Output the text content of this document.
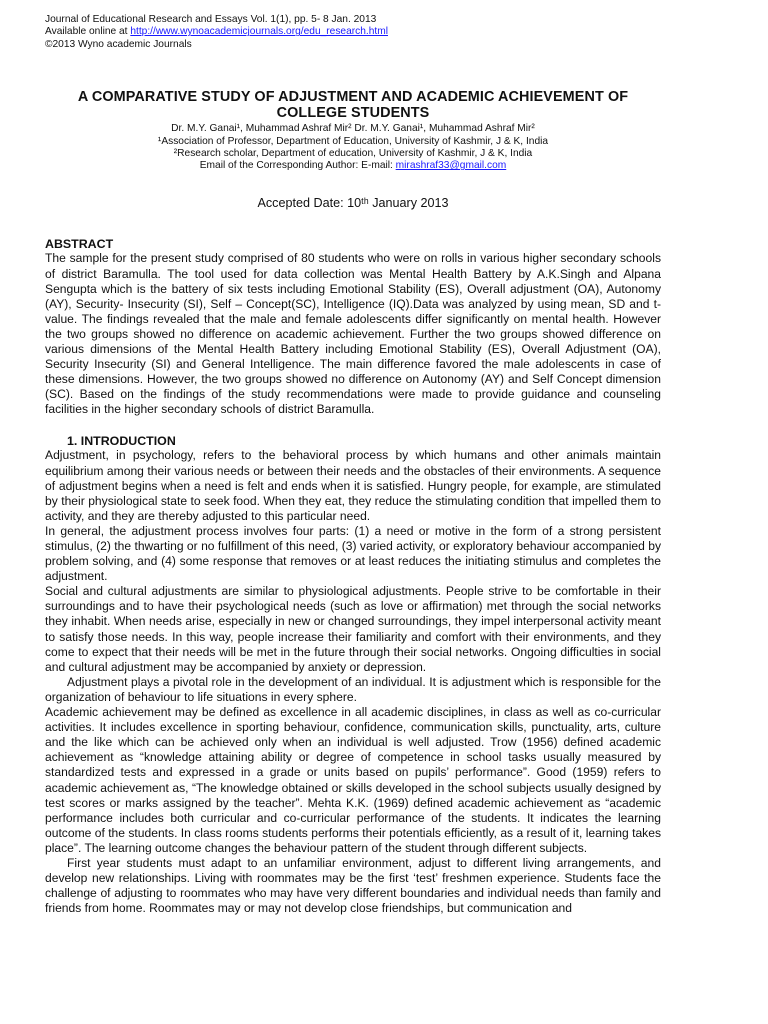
Journal of Educational Research and Essays Vol. 1(1), pp. 5- 8 Jan. 2013
Available online at http://www.wynoacademicjournals.org/edu_research.html
©2013 Wyno academic Journals
A COMPARATIVE STUDY OF ADJUSTMENT AND ACADEMIC ACHIEVEMENT OF COLLEGE STUDENTS
Dr. M.Y. Ganai¹, Muhammad Ashraf Mir² Dr. M.Y. Ganai¹, Muhammad Ashraf Mir²
¹Association of Professor, Department of Education, University of Kashmir, J & K, India
²Research scholar, Department of education, University of Kashmir, J & K, India
Email of the Corresponding Author: E-mail: mirashraf33@gmail.com
Accepted Date: 10ᵗʰ January 2013
ABSTRACT

The sample for the present study comprised of 80 students who were on rolls in various higher secondary schools of district Baramulla. The tool used for data collection was Mental Health Battery by A.K.Singh and Alpana Sengupta which is the battery of six tests including Emotional Stability (ES), Overall adjustment (OA), Autonomy (AY), Security- Insecurity (SI), Self – Concept(SC), Intelligence (IQ).Data was analyzed by using mean, SD and t-value. The findings revealed that the male and female adolescents differ significantly on mental health. However the two groups showed no difference on academic achievement. Further the two groups showed difference on various dimensions of the Mental Health Battery including Emotional Stability (ES), Overall Adjustment (OA), Security Insecurity (SI) and General Intelligence. The main difference favored the male adolescents in case of these dimensions. However, the two groups showed no difference on Autonomy (AY) and Self Concept dimension (SC). Based on the findings of the study recommendations were made to provide guidance and counseling facilities in the higher secondary schools of district Baramulla.

1. INTRODUCTION

Adjustment, in psychology, refers to the behavioral process by which humans and other animals maintain equilibrium among their various needs or between their needs and the obstacles of their environments. A sequence of adjustment begins when a need is felt and ends when it is satisfied. Hungry people, for example, are stimulated by their physiological state to seek food. When they eat, they reduce the stimulating condition that impelled them to activity, and they are thereby adjusted to this particular need.

In general, the adjustment process involves four parts: (1) a need or motive in the form of a strong persistent stimulus, (2) the thwarting or no fulfillment of this need, (3) varied activity, or exploratory behaviour accompanied by problem solving, and (4) some response that removes or at least reduces the initiating stimulus and completes the adjustment.

Social and cultural adjustments are similar to physiological adjustments. People strive to be comfortable in their surroundings and to have their psychological needs (such as love or affirmation) met through the social networks they inhabit. When needs arise, especially in new or changed surroundings, they impel interpersonal activity meant to satisfy those needs. In this way, people increase their familiarity and comfort with their environments, and they come to expect that their needs will be met in the future through their social networks. Ongoing difficulties in social and cultural adjustment may be accompanied by anxiety or depression.

Adjustment plays a pivotal role in the development of an individual. It is adjustment which is responsible for the organization of behaviour to life situations in every sphere.

Academic achievement may be defined as excellence in all academic disciplines, in class as well as co-curricular activities. It includes excellence in sporting behaviour, confidence, communication skills, punctuality, arts, culture and the like which can be achieved only when an individual is well adjusted. Trow (1956) defined academic achievement as “knowledge attaining ability or degree of competence in school tasks usually measured by standardized tests and expressed in a grade or units based on pupils’ performance”. Good (1959) refers to academic achievement as, “The knowledge obtained or skills developed in the school subjects usually designed by test scores or marks assigned by the teacher”. Mehta K.K. (1969) defined academic achievement as “academic performance includes both curricular and co-curricular performance of the students. It indicates the learning outcome of the students. In class rooms students performs their potentials efficiently, as a result of it, learning takes place”. The learning outcome changes the behaviour pattern of the student through different subjects.

First year students must adapt to an unfamiliar environment, adjust to different living arrangements, and develop new relationships. Living with roommates may be the first ‘test’ freshmen experience. Students face the challenge of adjusting to roommates who may have very different boundaries and individual needs than family and friends from home. Roommates may or may not develop close friendships, but communication and
